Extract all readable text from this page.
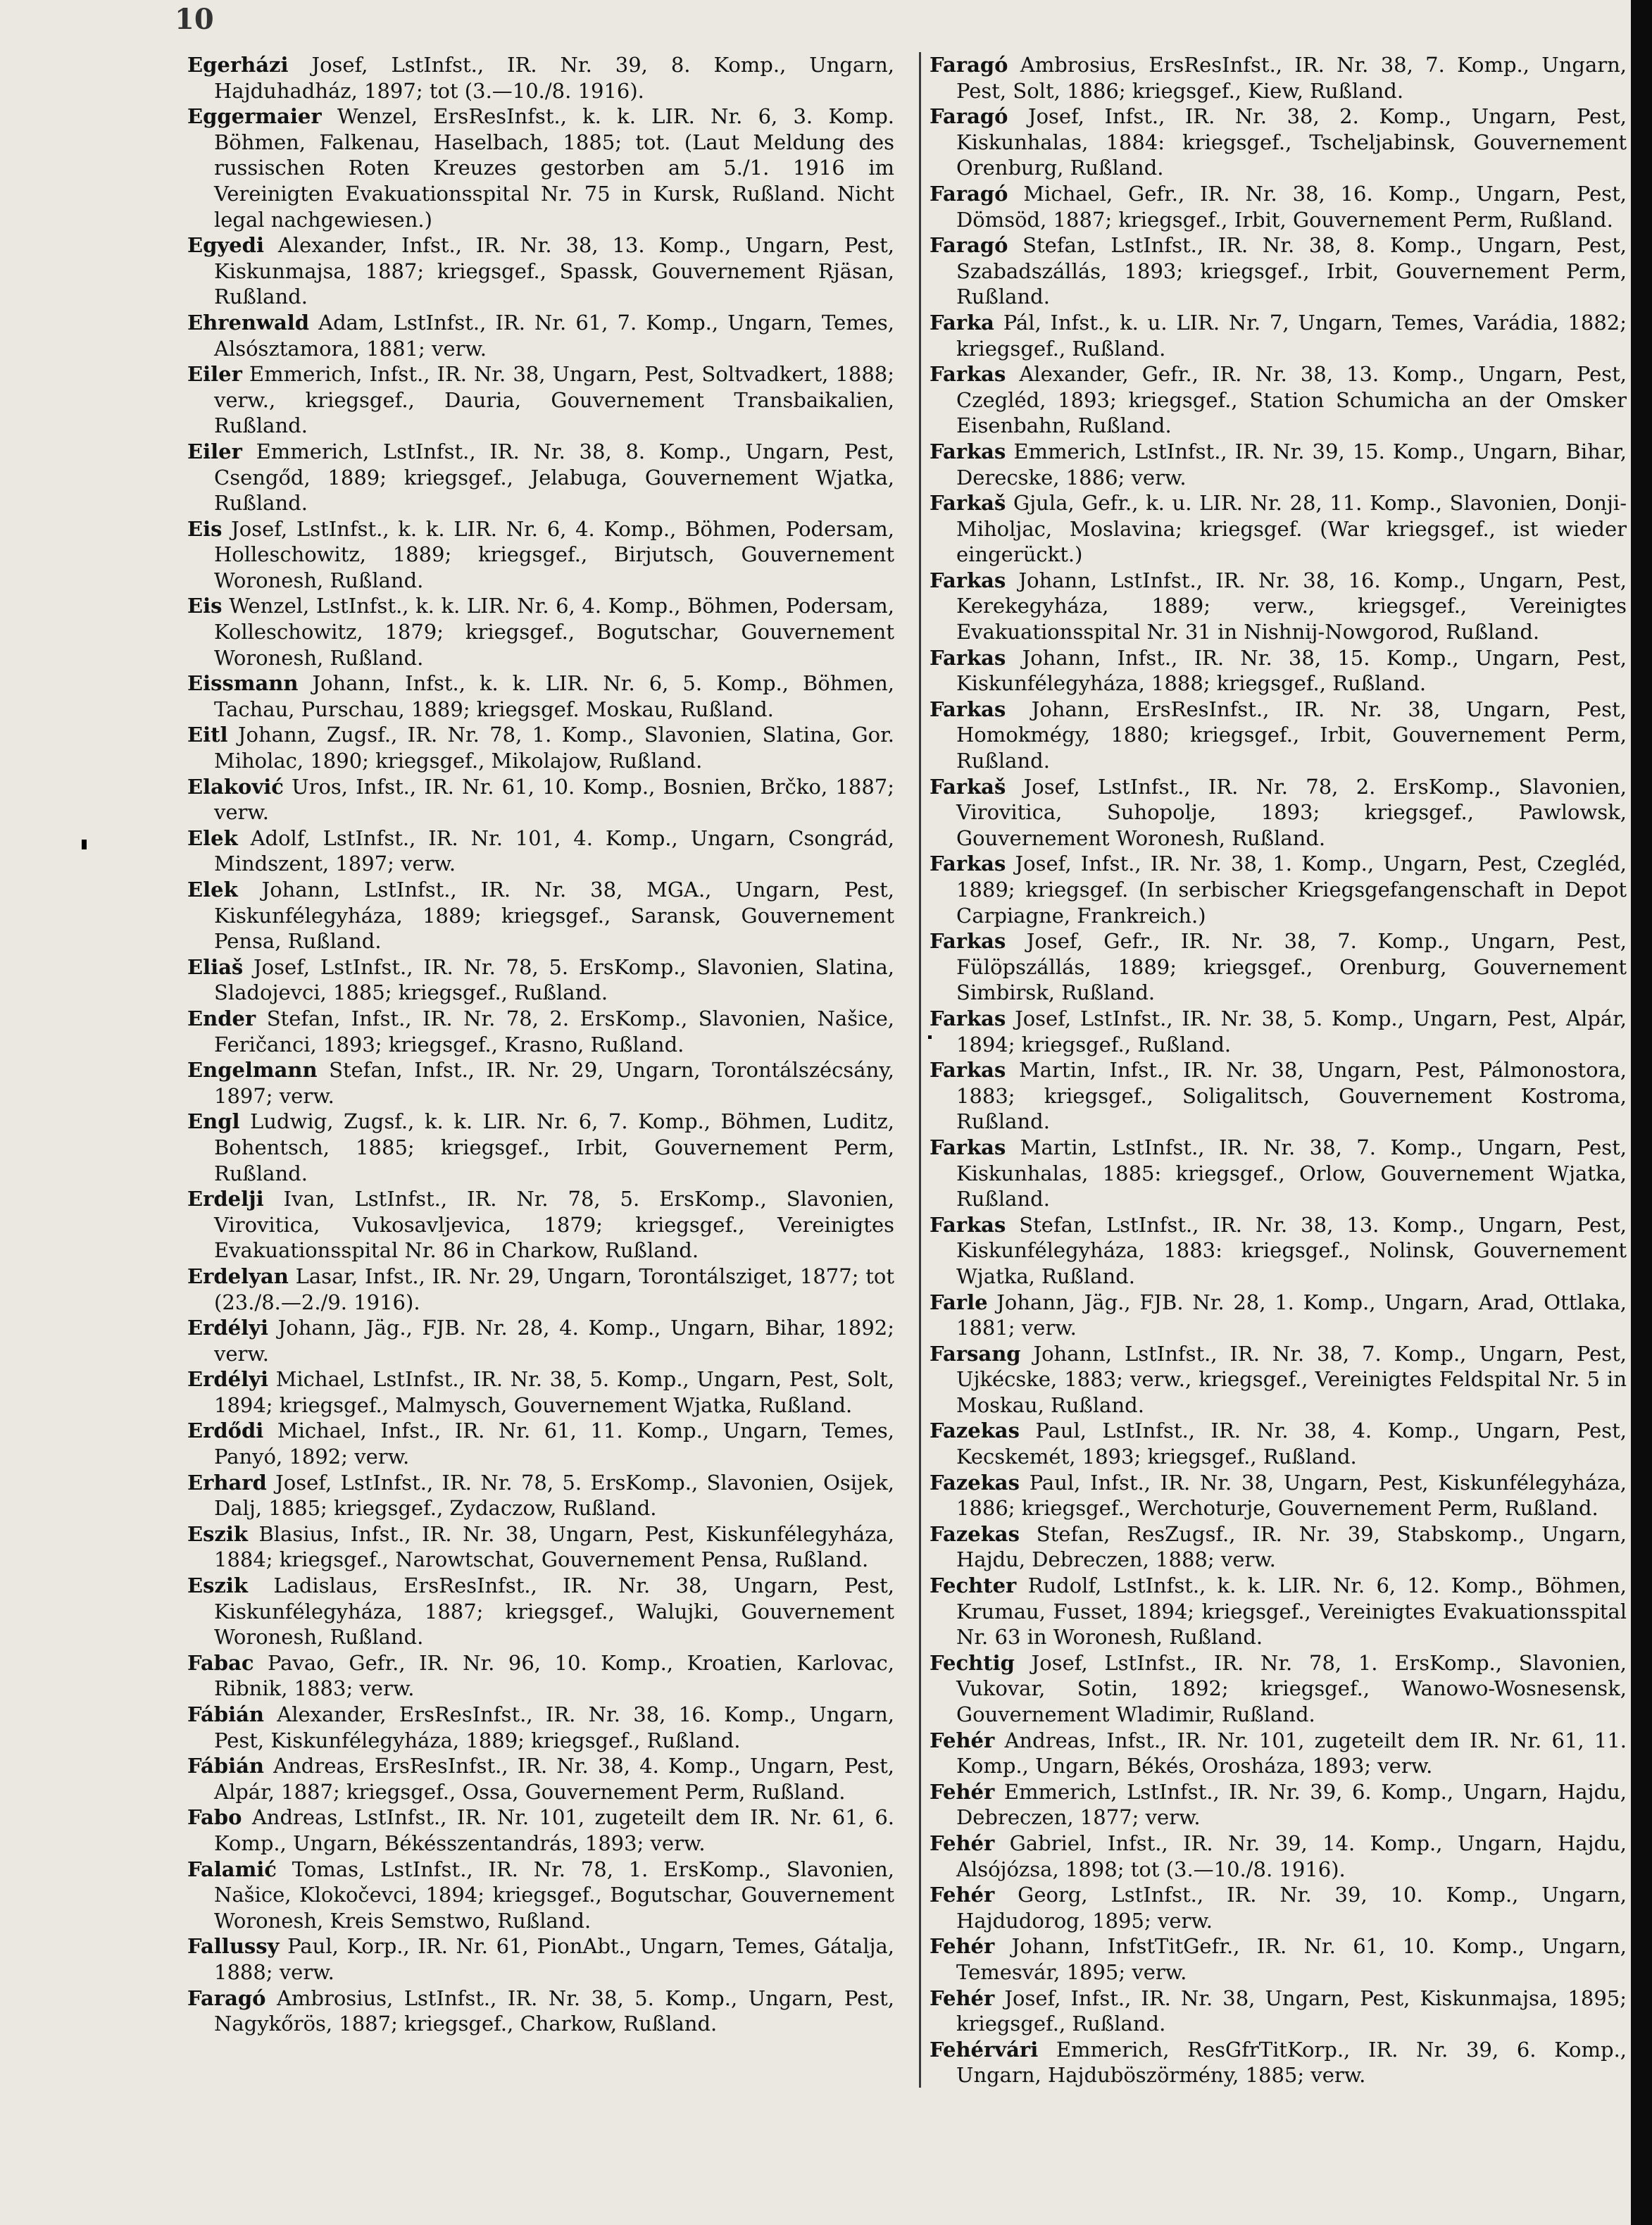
10

Egerházi Josef, LstInfst., IR. Nr. 39, 8. Komp., Ungarn, Hajduhadház, 1897; tot (3.—10./8. 1916).

Eggermaier Wenzel, ErsResInfst., k. k. LIR. Nr. 6, 3. Komp. Böhmen, Falkenau, Haselbach, 1885; tot. (Laut Meldung des russischen Roten Kreuzes gestorben am 5./1. 1916 im Vereinigten Evakuationsspital Nr. 75 in Kursk, Rußland. Nicht legal nachgewiesen.)

Egyedi Alexander, Infst., IR. Nr. 38, 13. Komp., Ungarn, Pest, Kiskunmajsa, 1887; kriegsgef., Spassk, Gouvernement Rjäsan, Rußland.

Ehrenwald Adam, LstInfst., IR. Nr. 61, 7. Komp., Ungarn, Temes, Alsósztamora, 1881; verw.

Eiler Emmerich, Infst., IR. Nr. 38, Ungarn, Pest, Soltvadkert, 1888; verw., kriegsgef., Dauria, Gouvernement Transbaikalien, Rußland.

Eiler Emmerich, LstInfst., IR. Nr. 38, 8. Komp., Ungarn, Pest, Csengőd, 1889; kriegsgef., Jelabuga, Gouvernement Wjatka, Rußland.

Eis Josef, LstInfst., k. k. LIR. Nr. 6, 4. Komp., Böhmen, Podersam, Holleschowitz, 1889; kriegsgef., Birjutsch, Gouvernement Woronesh, Rußland.

Eis Wenzel, LstInfst., k. k. LIR. Nr. 6, 4. Komp., Böhmen, Podersam, Kolleschowitz, 1879; kriegsgef., Bogutschar, Gouvernement Woronesh, Rußland.

Eissmann Johann, Infst., k. k. LIR. Nr. 6, 5. Komp., Böhmen, Tachau, Purschau, 1889; kriegsgef. Moskau, Rußland.

Eitl Johann, Zugsf., IR. Nr. 78, 1. Komp., Slavonien, Slatina, Gor. Miholac, 1890; kriegsgef., Mikolajow, Rußland.

Elaković Uros, Infst., IR. Nr. 61, 10. Komp., Bosnien, Brčko, 1887; verw.

Elek Adolf, LstInfst., IR. Nr. 101, 4. Komp., Ungarn, Csongrád, Mindszent, 1897; verw.

Elek Johann, LstInfst., IR. Nr. 38, MGA., Ungarn, Pest, Kiskunfélegyháza, 1889; kriegsgef., Saransk, Gouvernement Pensa, Rußland.

Eliaš Josef, LstInfst., IR. Nr. 78, 5. ErsKomp., Slavonien, Slatina, Sladojevci, 1885; kriegsgef., Rußland.

Ender Stefan, Infst., IR. Nr. 78, 2. ErsKomp., Slavonien, Našice, Feričanci, 1893; kriegsgef., Krasno, Rußland.

Engelmann Stefan, Infst., IR. Nr. 29, Ungarn, Torontálszécsány, 1897; verw.

Engl Ludwig, Zugsf., k. k. LIR. Nr. 6, 7. Komp., Böhmen, Luditz, Bohentsch, 1885; kriegsgef., Irbit, Gouvernement Perm, Rußland.

Erdelji Ivan, LstInfst., IR. Nr. 78, 5. ErsKomp., Slavonien, Virovitica, Vukosavljevica, 1879; kriegsgef., Vereinigtes Evakuationsspital Nr. 86 in Charkow, Rußland.

Erdelyan Lasar, Infst., IR. Nr. 29, Ungarn, Torontálsziget, 1877; tot (23./8.—2./9. 1916).

Erdélyi Johann, Jäg., FJB. Nr. 28, 4. Komp., Ungarn, Bihar, 1892; verw.

Erdélyi Michael, LstInfst., IR. Nr. 38, 5. Komp., Ungarn, Pest, Solt, 1894; kriegsgef., Malmysch, Gouvernement Wjatka, Rußland.

Erdődi Michael, Infst., IR. Nr. 61, 11. Komp., Ungarn, Temes, Panyó, 1892; verw.

Erhard Josef, LstInfst., IR. Nr. 78, 5. ErsKomp., Slavonien, Osijek, Dalj, 1885; kriegsgef., Zydaczow, Rußland.

Eszik Blasius, Infst., IR. Nr. 38, Ungarn, Pest, Kiskunfélegyháza, 1884; kriegsgef., Narowtschat, Gouvernement Pensa, Rußland.

Eszik Ladislaus, ErsResInfst., IR. Nr. 38, Ungarn, Pest, Kiskunfélegyháza, 1887; kriegsgef., Walujki, Gouvernement Woronesh, Rußland.

Fabac Pavao, Gefr., IR. Nr. 96, 10. Komp., Kroatien, Karlovac, Ribnik, 1883; verw.

Fábián Alexander, ErsResInfst., IR. Nr. 38, 16. Komp., Ungarn, Pest, Kiskunfélegyháza, 1889; kriegsgef., Rußland.

Fábián Andreas, ErsResInfst., IR. Nr. 38, 4. Komp., Ungarn, Pest, Alpár, 1887; kriegsgef., Ossa, Gouvernement Perm, Rußland.

Fabo Andreas, LstInfst., IR. Nr. 101, zugeteilt dem IR. Nr. 61, 6. Komp., Ungarn, Békésszentandrás, 1893; verw.

Falamić Tomas, LstInfst., IR. Nr. 78, 1. ErsKomp., Slavonien, Našice, Klokočevci, 1894; kriegsgef., Bogutschar, Gouvernement Woronesh, Kreis Semstwo, Rußland.

Fallussy Paul, Korp., IR. Nr. 61, PionAbt., Ungarn, Temes, Gátalja, 1888; verw.

Faragó Ambrosius, LstInfst., IR. Nr. 38, 5. Komp., Ungarn, Pest, Nagykőrös, 1887; kriegsgef., Charkow, Rußland.

Faragó Ambrosius, ErsResInfst., IR. Nr. 38, 7. Komp., Ungarn, Pest, Solt, 1886; kriegsgef., Kiew, Rußland.

Faragó Josef, Infst., IR. Nr. 38, 2. Komp., Ungarn, Pest, Kiskunhalas, 1884: kriegsgef., Tscheljabinsk, Gouvernement Orenburg, Rußland.

Faragó Michael, Gefr., IR. Nr. 38, 16. Komp., Ungarn, Pest, Dömsöd, 1887; kriegsgef., Irbit, Gouvernement Perm, Rußland.

Faragó Stefan, LstInfst., IR. Nr. 38, 8. Komp., Ungarn, Pest, Szabadszállás, 1893; kriegsgef., Irbit, Gouvernement Perm, Rußland.

Farka Pál, Infst., k. u. LIR. Nr. 7, Ungarn, Temes, Varádia, 1882; kriegsgef., Rußland.

Farkas Alexander, Gefr., IR. Nr. 38, 13. Komp., Ungarn, Pest, Czegléd, 1893; kriegsgef., Station Schumicha an der Omsker Eisenbahn, Rußland.

Farkas Emmerich, LstInfst., IR. Nr. 39, 15. Komp., Ungarn, Bihar, Derecske, 1886; verw.

Farkaš Gjula, Gefr., k. u. LIR. Nr. 28, 11. Komp., Slavonien, Donji-Miholjac, Moslavina; kriegsgef. (War kriegsgef., ist wieder eingerückt.)

Farkas Johann, LstInfst., IR. Nr. 38, 16. Komp., Ungarn, Pest, Kerekegyháza, 1889; verw., kriegsgef., Vereinigtes Evakuationsspital Nr. 31 in Nishnij-Nowgorod, Rußland.

Farkas Johann, Infst., IR. Nr. 38, 15. Komp., Ungarn, Pest, Kiskunfélegyháza, 1888; kriegsgef., Rußland.

Farkas Johann, ErsResInfst., IR. Nr. 38, Ungarn, Pest, Homokmégy, 1880; kriegsgef., Irbit, Gouvernement Perm, Rußland.

Farkaš Josef, LstInfst., IR. Nr. 78, 2. ErsKomp., Slavonien, Virovitica, Suhopolje, 1893; kriegsgef., Pawlowsk, Gouvernement Woronesh, Rußland.

Farkas Josef, Infst., IR. Nr. 38, 1. Komp., Ungarn, Pest, Czegléd, 1889; kriegsgef. (In serbischer Kriegsgefangenschaft in Depot Carpiagne, Frankreich.)

Farkas Josef, Gefr., IR. Nr. 38, 7. Komp., Ungarn, Pest, Fülöpszállás, 1889; kriegsgef., Orenburg, Gouvernement Simbirsk, Rußland.

Farkas Josef, LstInfst., IR. Nr. 38, 5. Komp., Ungarn, Pest, Alpár, 1894; kriegsgef., Rußland.

Farkas Martin, Infst., IR. Nr. 38, Ungarn, Pest, Pálmonostora, 1883; kriegsgef., Soligalitsch, Gouvernement Kostroma, Rußland.

Farkas Martin, LstInfst., IR. Nr. 38, 7. Komp., Ungarn, Pest, Kiskunhalas, 1885: kriegsgef., Orlow, Gouvernement Wjatka, Rußland.

Farkas Stefan, LstInfst., IR. Nr. 38, 13. Komp., Ungarn, Pest, Kiskunfélegyháza, 1883: kriegsgef., Nolinsk, Gouvernement Wjatka, Rußland.

Farle Johann, Jäg., FJB. Nr. 28, 1. Komp., Ungarn, Arad, Ottlaka, 1881; verw.

Farsang Johann, LstInfst., IR. Nr. 38, 7. Komp., Ungarn, Pest, Ujkécske, 1883; verw., kriegsgef., Vereinigtes Feldspital Nr. 5 in Moskau, Rußland.

Fazekas Paul, LstInfst., IR. Nr. 38, 4. Komp., Ungarn, Pest, Kecskemét, 1893; kriegsgef., Rußland.

Fazekas Paul, Infst., IR. Nr. 38, Ungarn, Pest, Kiskunfélegyháza, 1886; kriegsgef., Werchoturje, Gouvernement Perm, Rußland.

Fazekas Stefan, ResZugsf., IR. Nr. 39, Stabskomp., Ungarn, Hajdu, Debreczen, 1888; verw.

Fechter Rudolf, LstInfst., k. k. LIR. Nr. 6, 12. Komp., Böhmen, Krumau, Fusset, 1894; kriegsgef., Vereinigtes Evakuationsspital Nr. 63 in Woronesh, Rußland.

Fechtig Josef, LstInfst., IR. Nr. 78, 1. ErsKomp., Slavonien, Vukovar, Sotin, 1892; kriegsgef., Wanowo-Wosnesensk, Gouvernement Wladimir, Rußland.

Fehér Andreas, Infst., IR. Nr. 101, zugeteilt dem IR. Nr. 61, 11. Komp., Ungarn, Békés, Orosháza, 1893; verw.

Fehér Emmerich, LstInfst., IR. Nr. 39, 6. Komp., Ungarn, Hajdu, Debreczen, 1877; verw.

Fehér Gabriel, Infst., IR. Nr. 39, 14. Komp., Ungarn, Hajdu, Alsójózsa, 1898; tot (3.—10./8. 1916).

Fehér Georg, LstInfst., IR. Nr. 39, 10. Komp., Ungarn, Hajdudorog, 1895; verw.

Fehér Johann, InfstTitGefr., IR. Nr. 61, 10. Komp., Ungarn, Temesvár, 1895; verw.

Fehér Josef, Infst., IR. Nr. 38, Ungarn, Pest, Kiskunmajsa, 1895; kriegsgef., Rußland.

Fehérvári Emmerich, ResGfrTitKorp., IR. Nr. 39, 6. Komp., Ungarn, Hajduböszörmény, 1885; verw.
